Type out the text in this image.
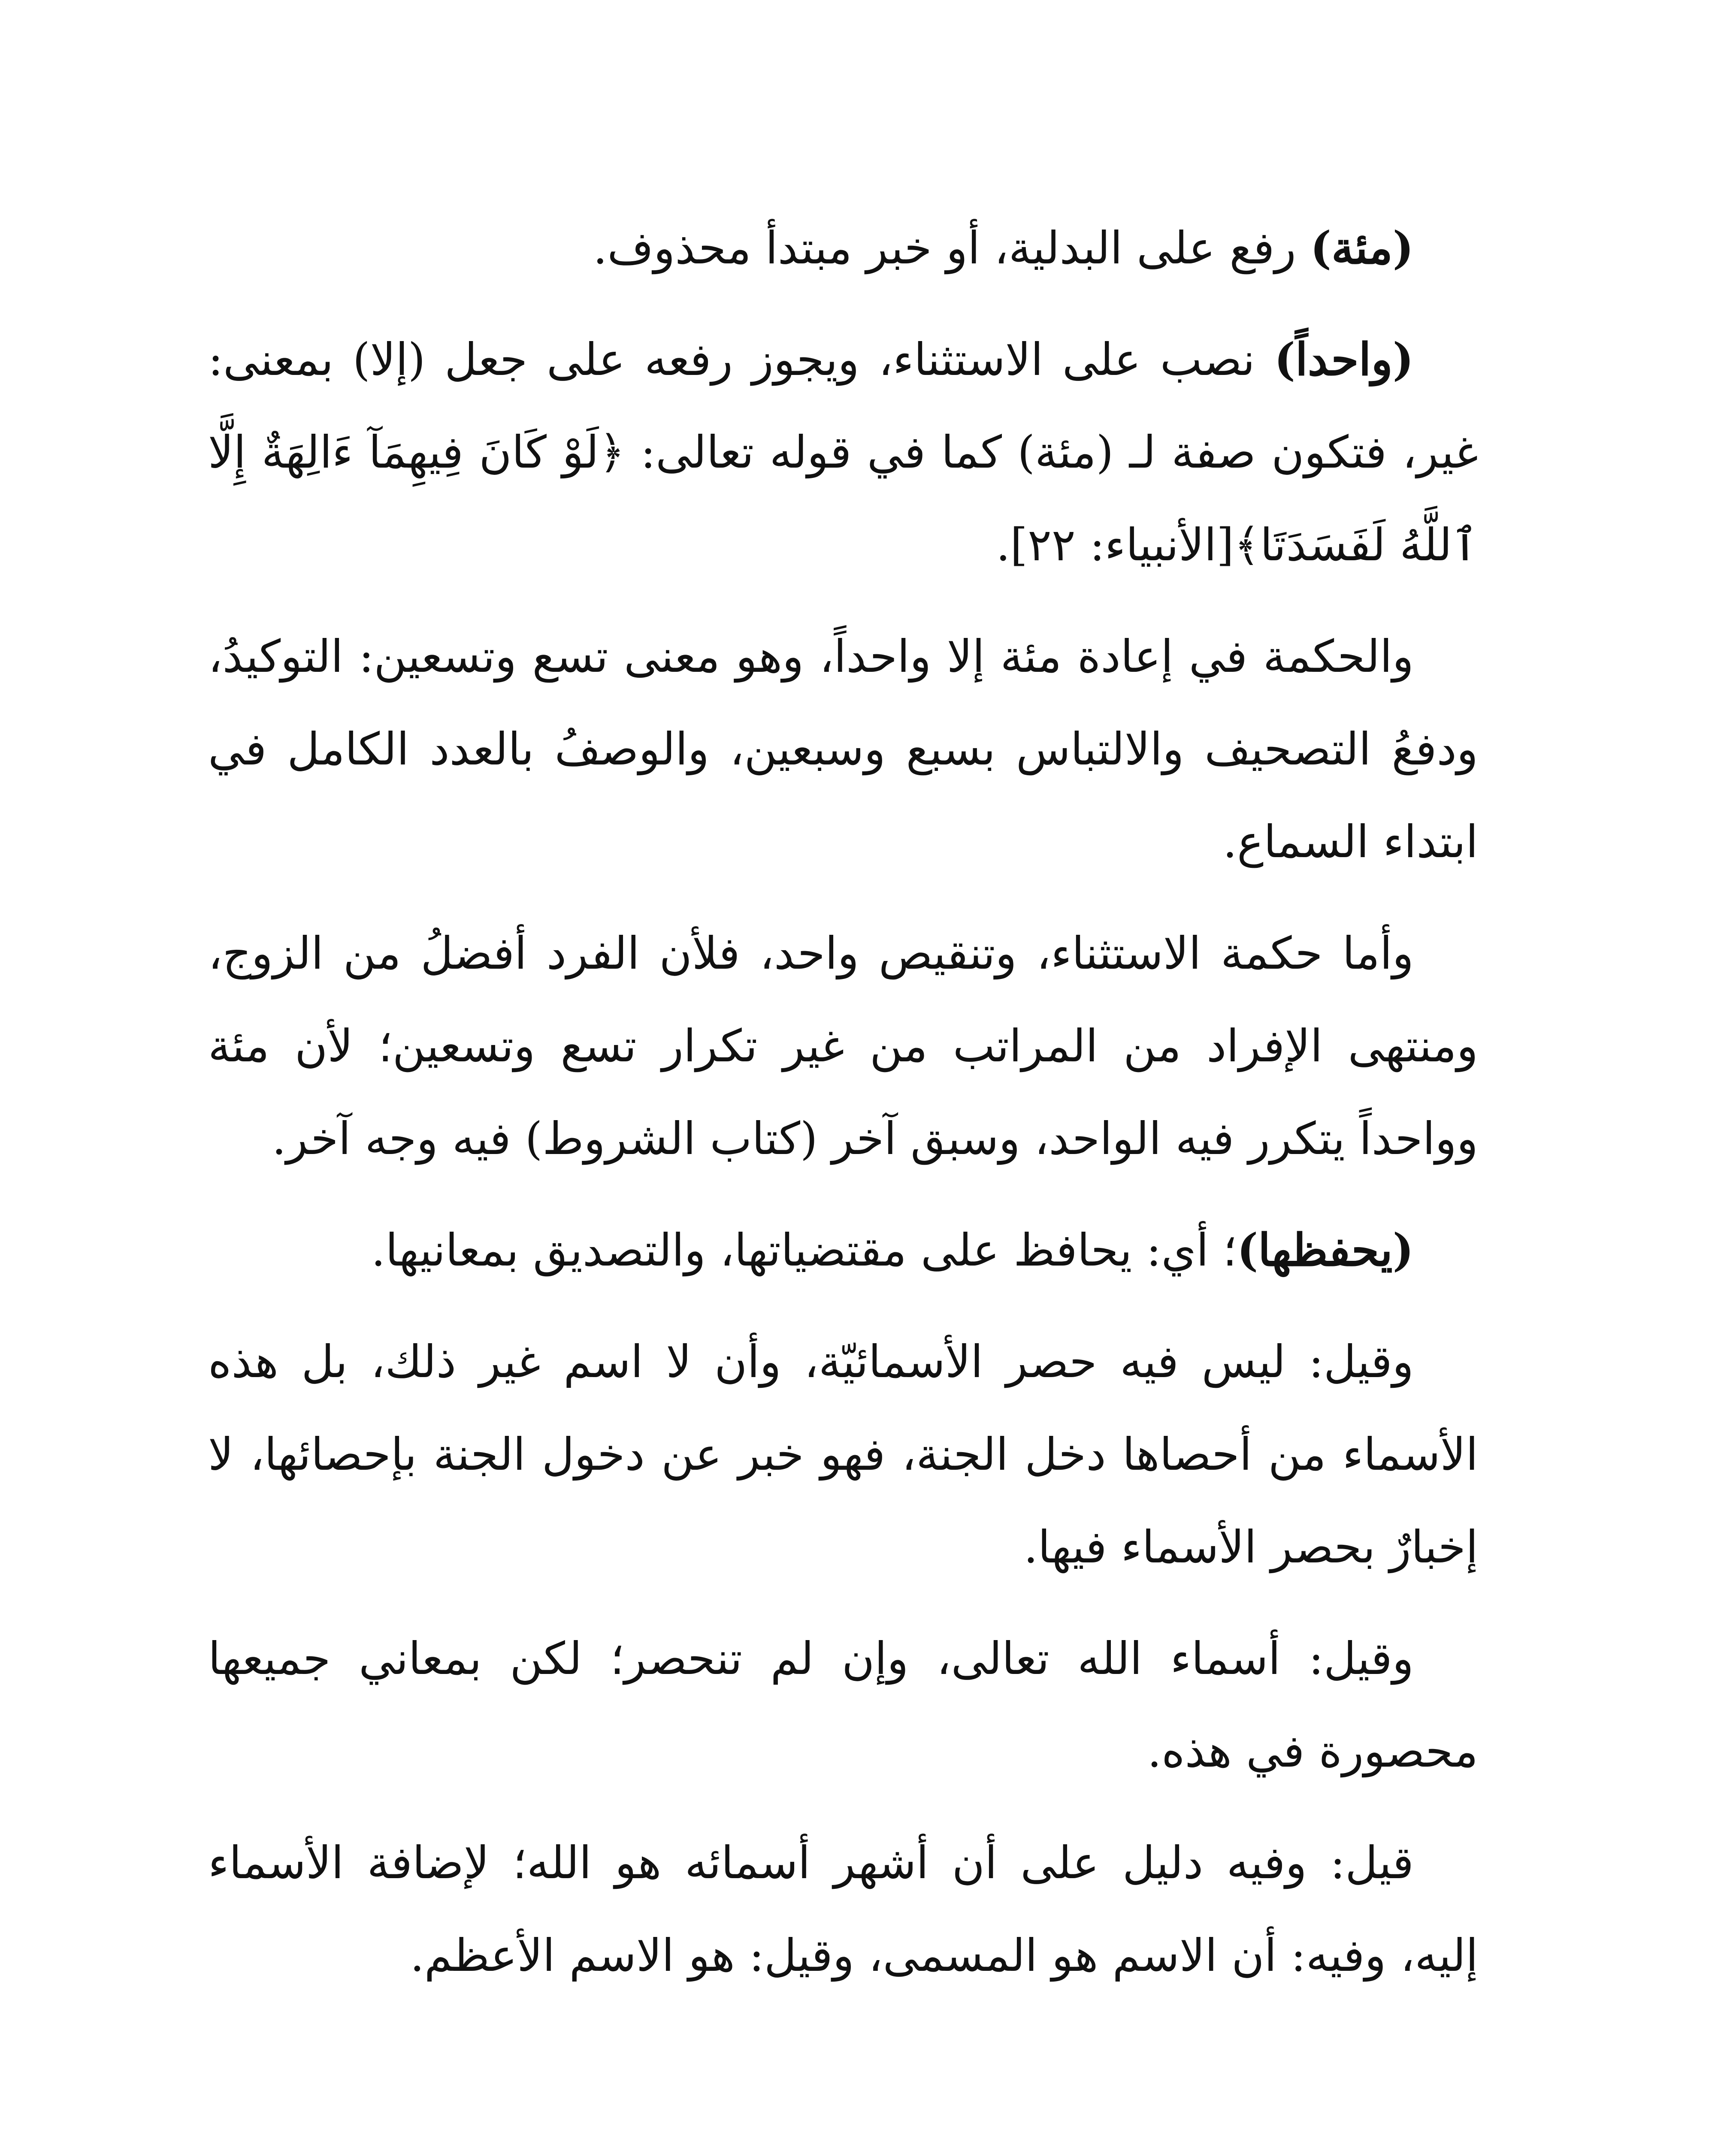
(مئة) رفع على البدلية، أو خبر مبتدأ محذوف.

(واحداً) نصب على الاستثناء، ويجوز رفعه على جعل (إلا) بمعنى: غير، فتكون صفة لـ (مئة) كما في قوله تعالى: ﴿لَوْ كَانَ فِيهِمَآ ءَالِهَةٌ إِلَّا ٱللَّهُ لَفَسَدَتَا﴾[الأنبياء: ٢٢].

والحكمة في إعادة مئة إلا واحداً، وهو معنى تسع وتسعين: التوكيدُ، ودفعُ التصحيف والالتباس بسبع وسبعين، والوصفُ بالعدد الكامل في ابتداء السماع.

وأما حكمة الاستثناء، وتنقيص واحد، فلأن الفرد أفضلُ من الزوج، ومنتهى الإفراد من المراتب من غير تكرار تسع وتسعين؛ لأن مئة وواحداً يتكرر فيه الواحد، وسبق آخر (كتاب الشروط) فيه وجه آخر.

(يحفظها)؛ أي: يحافظ على مقتضياتها، والتصديق بمعانيها.

وقيل: ليس فيه حصر الأسمائيّة، وأن لا اسم غير ذلك، بل هذه الأسماء من أحصاها دخل الجنة، فهو خبر عن دخول الجنة بإحصائها، لا إخبارٌ بحصر الأسماء فيها.

وقيل: أسماء الله تعالى، وإن لم تنحصر؛ لكن بمعاني جميعها محصورة في هذه.

قيل: وفيه دليل على أن أشهر أسمائه هو الله؛ لإضافة الأسماء إليه، وفيه: أن الاسم هو المسمى، وقيل: هو الاسم الأعظم.
